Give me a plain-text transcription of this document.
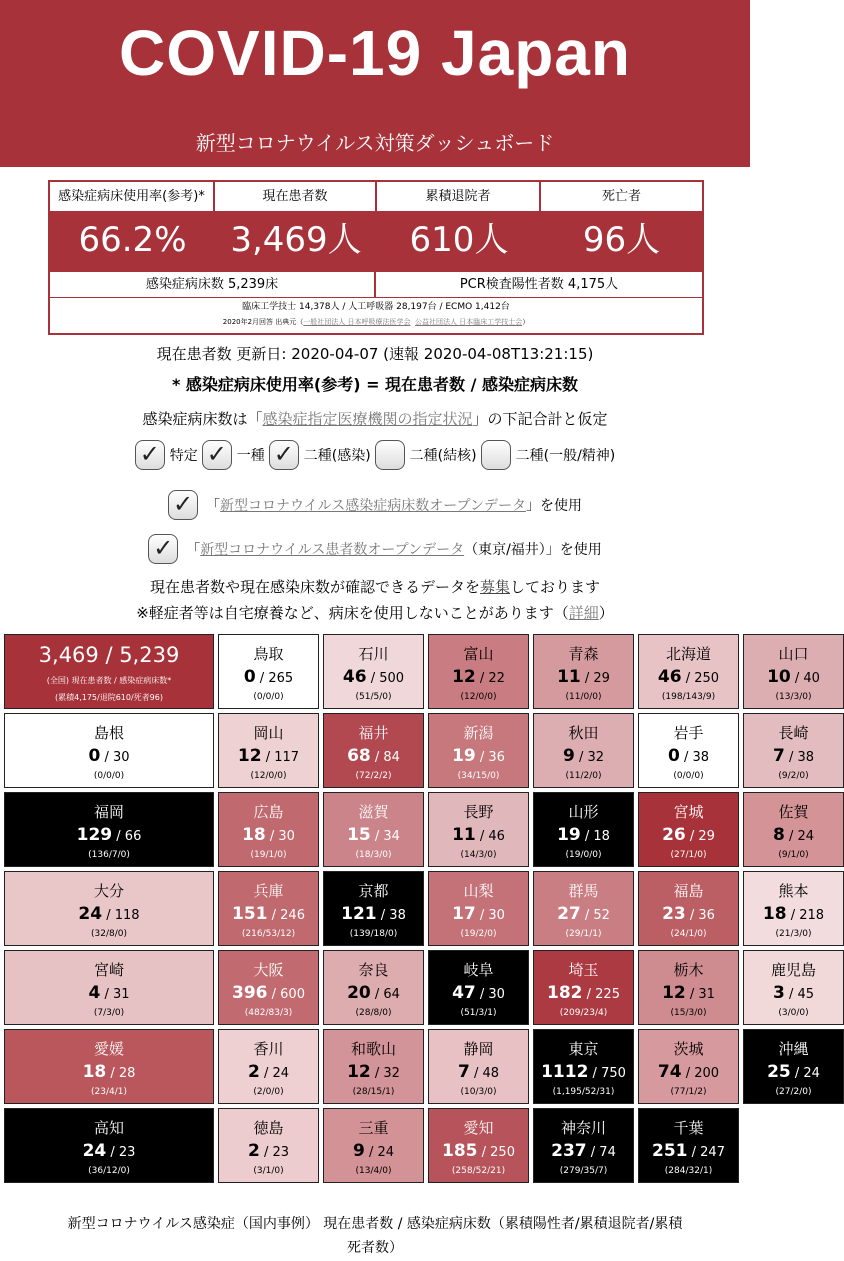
COVID-19 Japan
新型コロナウイルス対策ダッシュボード
感染症病床使用率(参考)*	現在患者数	累積退院者	死亡者
66.2%	3,469人	610人	96人
感染症病床数 5,239床	PCR検査陽性者数 4,175人
臨床工学技士 14,378人 / 人工呼吸器 28,197台 / ECMO 1,412台
2020年2月回答 出典元（一般社団法人 日本呼吸療法医学会 公益社団法人 日本臨床工学技士会）
現在患者数 更新日: 2020-04-07 (速報 2020-04-08T13:21:15)
* 感染症病床使用率(参考) = 現在患者数 / 感染症病床数
感染症病床数は「感染症指定医療機関の指定状況」の下記合計と仮定
✓
特定 ✓	一種 ✓	二種(感染)	二種(結核)	二種(一般/精神)
✓
「 新型コロナウイルス感染症病床数オープンデータ 」を使用
✓
「 新型コロナウイルス患者数オープンデータ （東京/福井）」を使用
現在患者数や現在感染床数が確認できるデータを募集しております
※軽症者等は自宅療養など、病床を使用しないことがあります（詳細）
3,469 / 5,239
(全国) 現在患者数 / 感染症病床数*
(累積4,175/退院610/死者96)
鳥取
0 / 265
(0/0/0)
石川
46 / 500
(51/5/0)
富山
12 / 22
(12/0/0)
青森
11 / 29
(11/0/0)
北海道
46 / 250
(198/143/9)
山口
10 / 40
(13/3/0)
島根
0 / 30
(0/0/0)
岡山
12 / 117
(12/0/0)
福井
68 / 84
(72/2/2)
新潟
19 / 36
(34/15/0)
秋田
9 / 32
(11/2/0)
岩手
0 / 38
(0/0/0)
長崎
7 / 38
(9/2/0)
福岡
129 / 66
(136/7/0)
広島
18 / 30
(19/1/0)
滋賀
15 / 34
(18/3/0)
長野
11 / 46
(14/3/0)
山形
19 / 18
(19/0/0)
宮城
26 / 29
(27/1/0)
佐賀
8 / 24
(9/1/0)
大分
24 / 118
(32/8/0)
兵庫
151 / 246
(216/53/12)
京都
121 / 38
(139/18/0)
山梨
17 / 30
(19/2/0)
群馬
27 / 52
(29/1/1)
福島
23 / 36
(24/1/0)
熊本
18 / 218
(21/3/0)
宮崎
4 / 31
(7/3/0)
大阪
396 / 600
(482/83/3)
奈良
20 / 64
(28/8/0)
岐阜
47 / 30
(51/3/1)
埼玉
182 / 225
(209/23/4)
栃木
12 / 31
(15/3/0)
鹿児島
3 / 45
(3/0/0)
愛媛
18 / 28
(23/4/1)
香川
2 / 24
(2/0/0)
和歌山
12 / 32
(28/15/1)
静岡
7 / 48
(10/3/0)
東京
1112 / 750
(1,195/52/31)
茨城
74 / 200
(77/1/2)
沖縄
25 / 24
(27/2/0)
高知
24 / 23
(36/12/0)
徳島
2 / 23
(3/1/0)
三重
9 / 24
(13/4/0)
愛知
185 / 250
(258/52/21)
神奈川
237 / 74
(279/35/7)
千葉
251 / 247
(284/32/1)
新型コロナウイルス感染症（国内事例） 現在患者数 / 感染症病床数（累積陽性者/累積退院者/累積
死者数）
